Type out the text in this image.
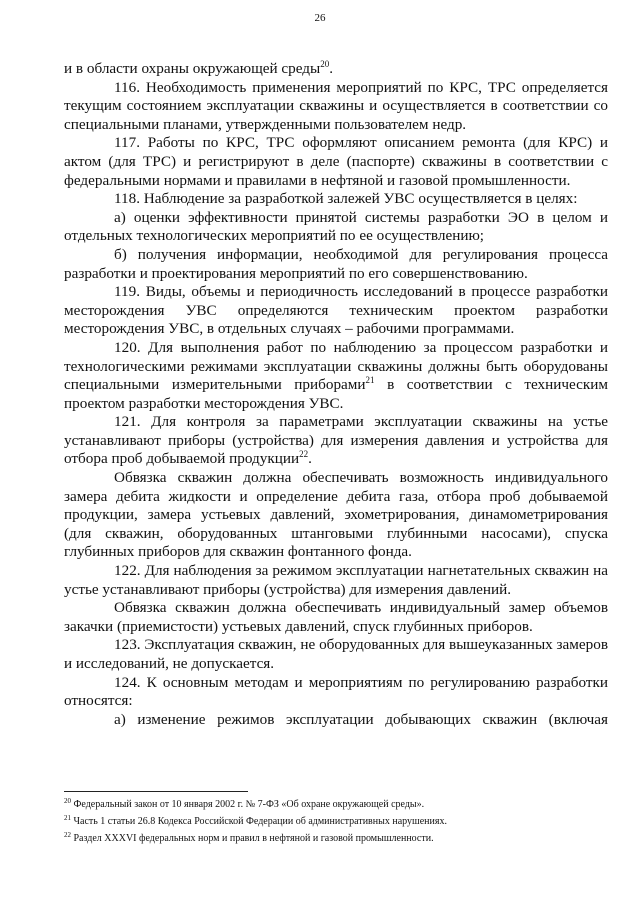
26

и в области охраны окружающей среды$^{20}$.

116. Необходимость применения мероприятий по КРС, ТРС определяется текущим состоянием эксплуатации скважины и осуществляется в соответствии со специальными планами, утвержденными пользователем недр.

117. Работы по КРС, ТРС оформляют описанием ремонта (для КРС) и актом (для ТРС) и регистрируют в деле (паспорте) скважины в соответствии с федеральными нормами и правилами в нефтяной и газовой промышленности.

118. Наблюдение за разработкой залежей УВС осуществляется в целях:

а) оценки эффективности принятой системы разработки ЭО в целом и отдельных технологических мероприятий по ее осуществлению;

б) получения информации, необходимой для регулирования процесса разработки и проектирования мероприятий по его совершенствованию.

119. Виды, объемы и периодичность исследований в процессе разработки месторождения УВС определяются техническим проектом разработки месторождения УВС, в отдельных случаях – рабочими программами.

120. Для выполнения работ по наблюдению за процессом разработки и технологическими режимами эксплуатации скважины должны быть оборудованы специальными измерительными приборами$^{21}$ в соответствии с техническим проектом разработки месторождения УВС.

121. Для контроля за параметрами эксплуатации скважины на устье устанавливают приборы (устройства) для измерения давления и устройства для отбора проб добываемой продукции$^{22}$.

Обвязка скважин должна обеспечивать возможность индивидуального замера дебита жидкости и определение дебита газа, отбора проб добываемой продукции, замера устьевых давлений, эхометрирования, динамометрирования (для скважин, оборудованных штанговыми глубинными насосами), спуска глубинных приборов для скважин фонтанного фонда.

122. Для наблюдения за режимом эксплуатации нагнетательных скважин на устье устанавливают приборы (устройства) для измерения давлений.

Обвязка скважин должна обеспечивать индивидуальный замер объемов закачки (приемистости) устьевых давлений, спуск глубинных приборов.

123. Эксплуатация скважин, не оборудованных для вышеуказанных замеров и исследований, не допускается.

124. К основным методам и мероприятиям по регулированию разработки относятся:

а) изменение режимов эксплуатации добывающих скважин (включая

$^{20}$ Федеральный закон от 10 января 2002 г. № 7-ФЗ «Об охране окружающей среды».

$^{21}$ Часть 1 статьи 26.8 Кодекса Российской Федерации об административных нарушениях.

$^{22}$ Раздел XXXVI федеральных норм и правил в нефтяной и газовой промышленности.
